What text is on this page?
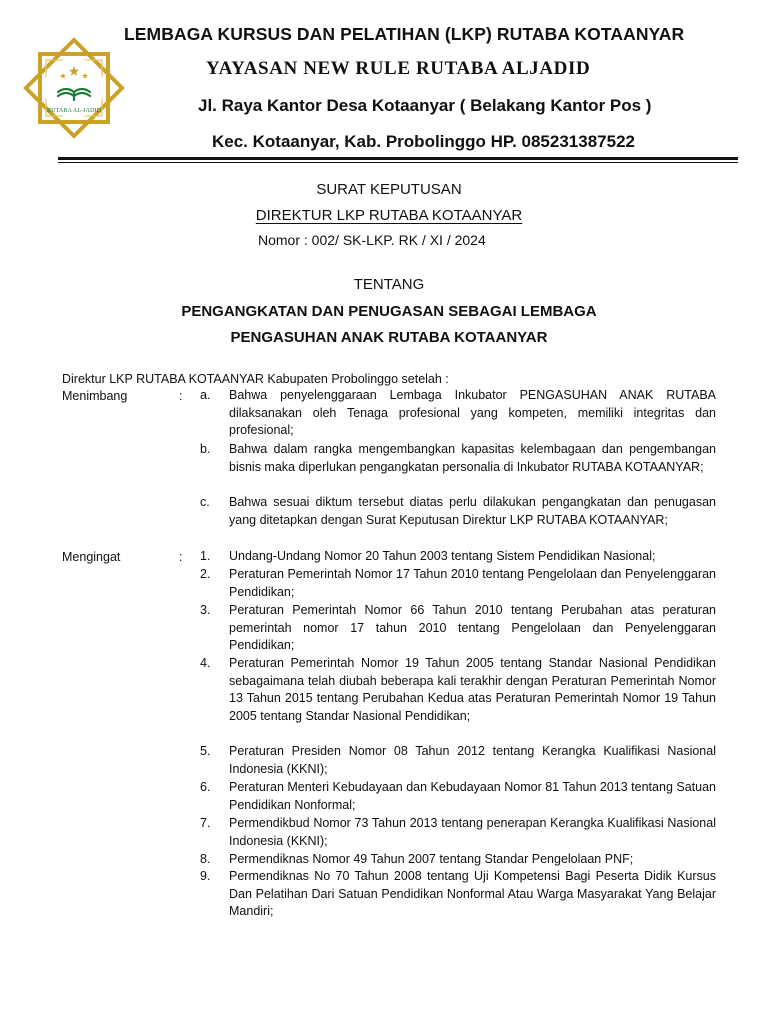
RUTABA AL-JADID
LEMBAGA KURSUS DAN PELATIHAN (LKP) RUTABA KOTAANYAR
YAYASAN NEW RULE RUTABA ALJADID
Jl. Raya Kantor Desa Kotaanyar ( Belakang Kantor Pos )
Kec. Kotaanyar, Kab. Probolinggo HP. 085231387522
SURAT KEPUTUSAN
DIREKTUR LKP RUTABA KOTAANYAR
Nomor : 002/ SK-LKP. RK / XI / 2024
TENTANG
PENGANGKATAN DAN PENUGASAN SEBAGAI LEMBAGA
PENGASUHAN ANAK RUTABA KOTAANYAR
Direktur LKP RUTABA KOTAANYAR Kabupaten Probolinggo setelah :
Menimbang	: a.	Bahwa penyelenggaraan Lembaga Inkubator PENGASUHAN ANAK RUTABA dilaksanakan oleh Tenaga profesional yang kompeten, memiliki integritas dan profesional;
b.	Bahwa dalam rangka mengembangkan kapasitas kelembagaan dan pengembangan bisnis maka diperlukan pengangkatan personalia di Inkubator RUTABA KOTAANYAR;
c.	Bahwa sesuai diktum tersebut diatas perlu dilakukan pengangkatan dan penugasan yang ditetapkan dengan Surat Keputusan Direktur LKP RUTABA KOTAANYAR;
Mengingat	: 1.	Undang-Undang Nomor 20 Tahun 2003 tentang Sistem Pendidikan Nasional;
2.	Peraturan Pemerintah Nomor 17 Tahun 2010 tentang Pengelolaan dan Penyelenggaran Pendidikan;
3.	Peraturan Pemerintah Nomor 66 Tahun 2010 tentang Perubahan atas peraturan pemerintah nomor 17 tahun 2010 tentang Pengelolaan dan Penyelenggaran Pendidikan;
4.	Peraturan Pemerintah Nomor 19 Tahun 2005 tentang Standar Nasional Pendidikan sebagaimana telah diubah beberapa kali terakhir dengan Peraturan Pemerintah Nomor 13 Tahun 2015 tentang Perubahan Kedua atas Peraturan Pemerintah Nomor 19 Tahun 2005 tentang Standar Nasional Pendidikan;
5.	Peraturan Presiden Nomor 08 Tahun 2012 tentang Kerangka Kualifikasi Nasional Indonesia (KKNI);
6.	Peraturan Menteri Kebudayaan dan Kebudayaan Nomor 81 Tahun 2013 tentang Satuan Pendidikan Nonformal;
7.	Permendikbud Nomor 73 Tahun 2013 tentang penerapan Kerangka Kualifikasi Nasional Indonesia (KKNI);
8.	Permendiknas Nomor 49 Tahun 2007 tentang Standar Pengelolaan PNF;
9.	Permendiknas No 70 Tahun 2008 tentang Uji Kompetensi Bagi Peserta Didik Kursus Dan Pelatihan Dari Satuan Pendidikan Nonformal Atau Warga Masyarakat Yang Belajar Mandiri;
